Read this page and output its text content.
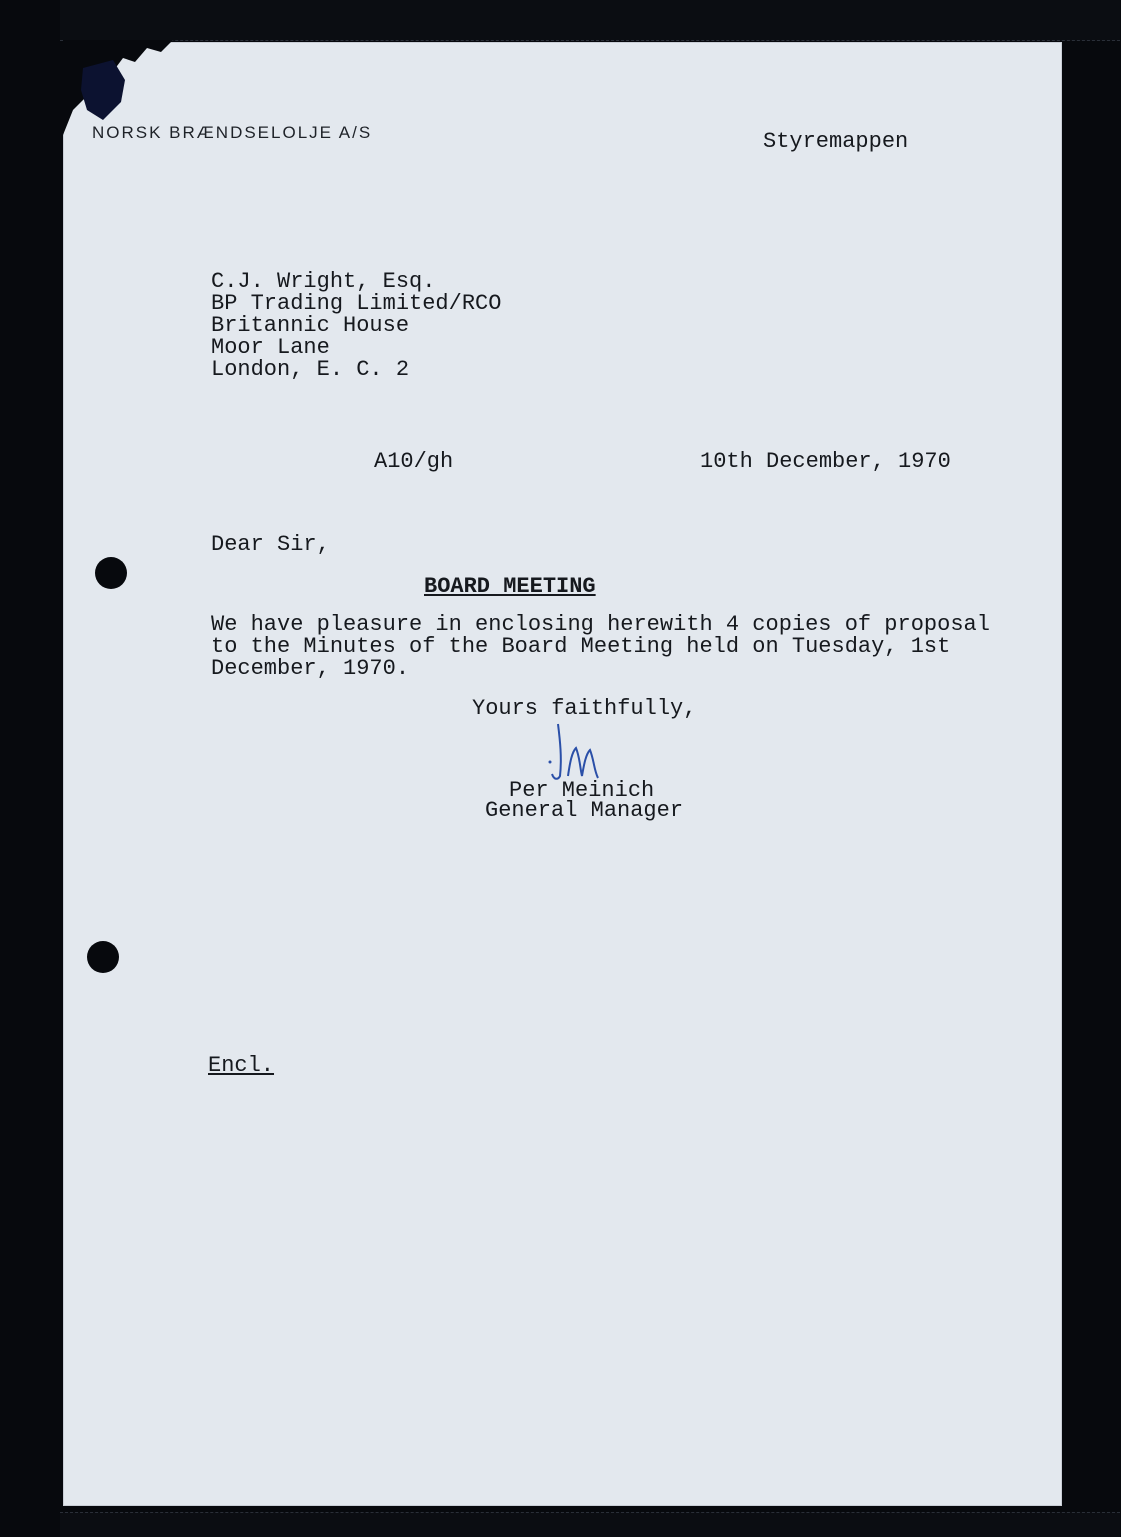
NORSK BRÆNDSELOLJE A/S	Styremappen
C.J. Wright, Esq.
BP Trading Limited/RCO
Britannic House
Moor Lane
London, E. C. 2
A10/gh	10th December, 1970
Dear Sir,
BOARD MEETING
We have pleasure in enclosing herewith 4 copies of proposal
to the Minutes of the Board Meeting held on Tuesday, 1st
December, 1970.
Yours faithfully,
Per Meinich
General Manager
Encl.
